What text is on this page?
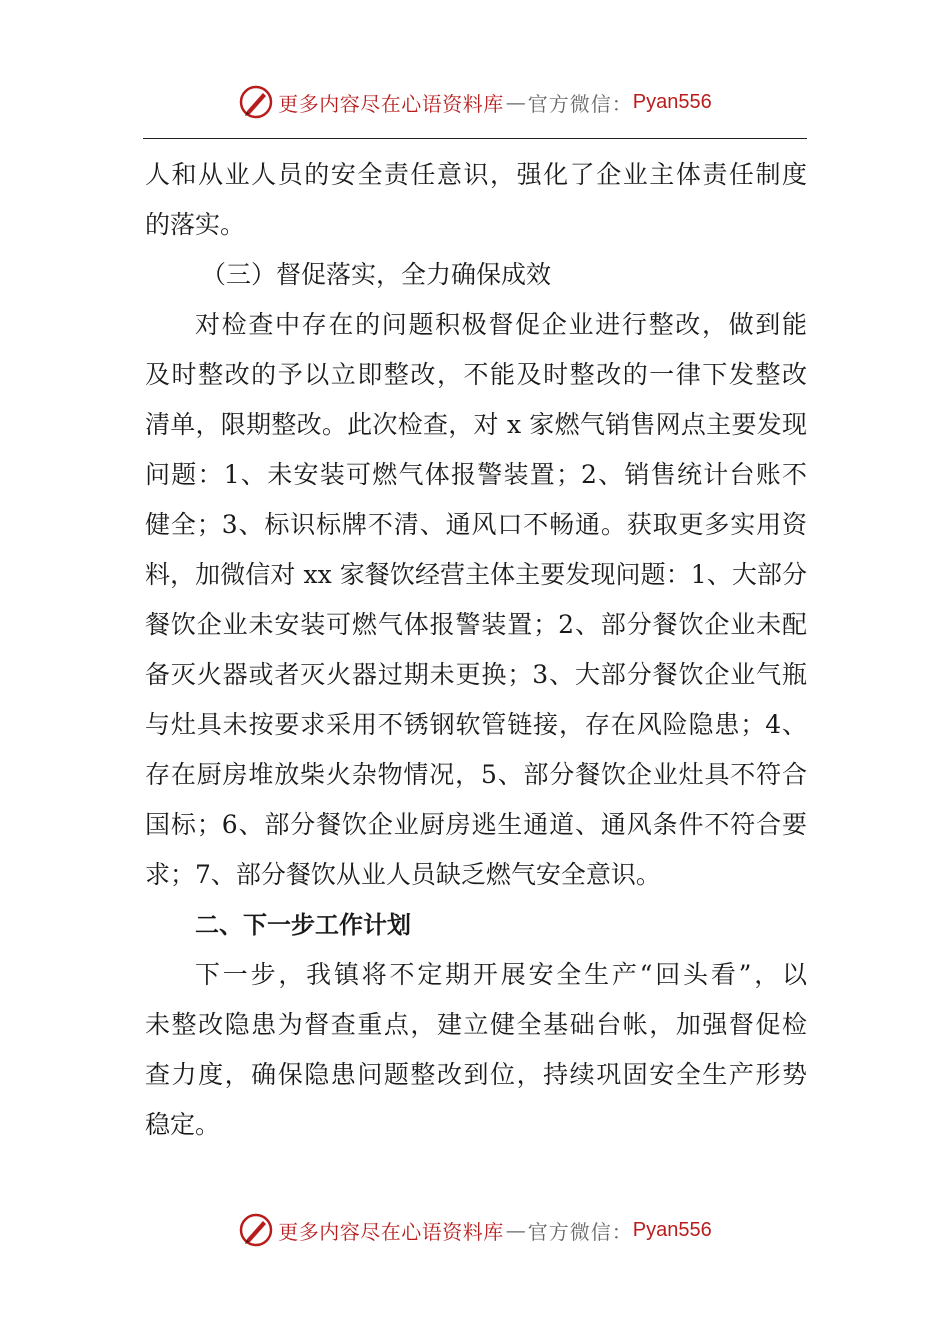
更多内容尽在心语资料库 — 官方微信： Pyan556
人和从业人员的安全责任意识，强化了企业主体责任制度
的落实。
（三）督促落实，全力确保成效
对检查中存在的问题积极督促企业进行整改，做到能
及时整改的予以立即整改，不能及时整改的一律下发整改
清单，限期整改。此次检查，对 x 家燃气销售网点主要发现
问题：1、未安装可燃气体报警装置；2、销售统计台账不
健全；3、标识标牌不清、通风口不畅通。获取更多实用资
料，加微信对 xx 家餐饮经营主体主要发现问题：1、大部分
餐饮企业未安装可燃气体报警装置；2、部分餐饮企业未配
备灭火器或者灭火器过期未更换；3、大部分餐饮企业气瓶
与灶具未按要求采用不锈钢软管链接，存在风险隐患；4、
存在厨房堆放柴火杂物情况，5、部分餐饮企业灶具不符合
国标；6、部分餐饮企业厨房逃生通道、通风条件不符合要
求；7、部分餐饮从业人员缺乏燃气安全意识。
二、下一步工作计划
下一步，我镇将不定期开展安全生产“回头看”，以
未整改隐患为督查重点，建立健全基础台帐，加强督促检
查力度，确保隐患问题整改到位，持续巩固安全生产形势
稳定。
更多内容尽在心语资料库 — 官方微信： Pyan556
